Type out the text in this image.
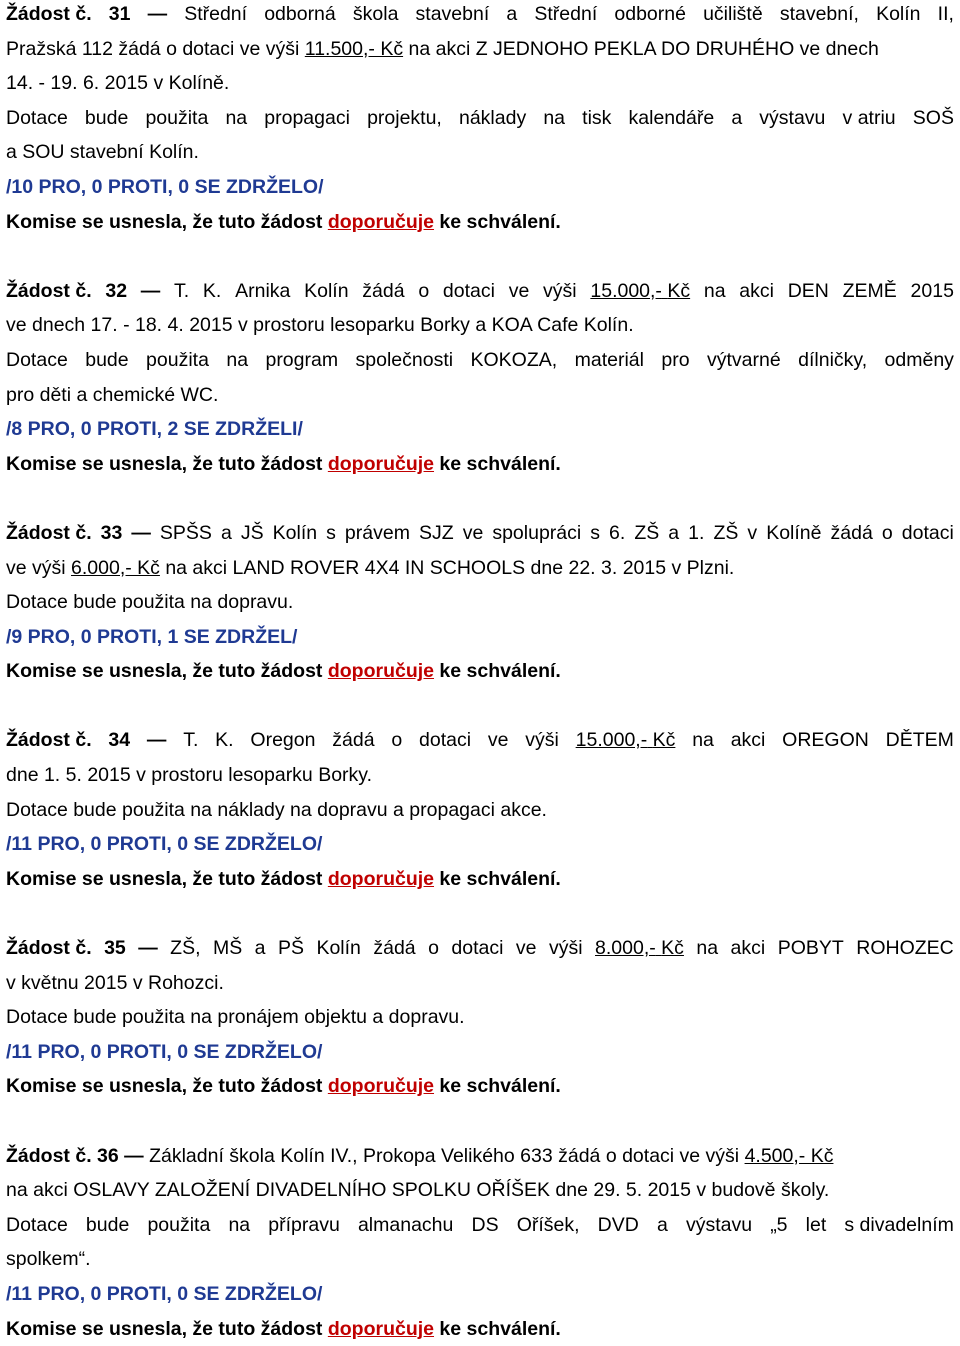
Žádost č. 31 — Střední odborná škola stavební a Střední odborné učiliště stavební, Kolín II,
Pražská 112 žádá o dotaci ve výši 11.500,- Kč na akci Z JEDNOHO PEKLA DO DRUHÉHO ve dnech
14. - 19. 6. 2015 v Kolíně.
Dotace bude použita na propagaci projektu, náklady na tisk kalendáře a výstavu v atriu SOŠ
a SOU stavební Kolín.
/10 PRO, 0 PROTI, 0 SE ZDRŽELO/
Komise se usnesla, že tuto žádost doporučuje ke schválení.
Žádost č. 32 — T. K. Arnika Kolín žádá o dotaci ve výši 15.000,- Kč na akci DEN ZEMĚ 2015
ve dnech 17. - 18. 4. 2015 v prostoru lesoparku Borky a KOA Cafe Kolín.
Dotace bude použita na program společnosti KOKOZA, materiál pro výtvarné dílničky, odměny
pro děti a chemické WC.
/8 PRO, 0 PROTI, 2 SE ZDRŽELI/
Komise se usnesla, že tuto žádost doporučuje ke schválení.
Žádost č. 33 — SPŠS a JŠ Kolín s právem SJZ ve spolupráci s 6. ZŠ a 1. ZŠ v Kolíně žádá o dotaci
ve výši 6.000,- Kč na akci LAND ROVER 4X4 IN SCHOOLS dne 22. 3. 2015 v Plzni.
Dotace bude použita na dopravu.
/9 PRO, 0 PROTI, 1 SE ZDRŽEL/
Komise se usnesla, že tuto žádost doporučuje ke schválení.
Žádost č. 34 — T. K. Oregon žádá o dotaci ve výši 15.000,- Kč na akci OREGON DĚTEM
dne 1. 5. 2015 v prostoru lesoparku Borky.
Dotace bude použita na náklady na dopravu a propagaci akce.
/11 PRO, 0 PROTI, 0 SE ZDRŽELO/
Komise se usnesla, že tuto žádost doporučuje ke schválení.
Žádost č. 35 — ZŠ, MŠ a PŠ Kolín žádá o dotaci ve výši 8.000,- Kč na akci POBYT ROHOZEC
v květnu 2015 v Rohozci.
Dotace bude použita na pronájem objektu a dopravu.
/11 PRO, 0 PROTI, 0 SE ZDRŽELO/
Komise se usnesla, že tuto žádost doporučuje ke schválení.
Žádost č. 36 — Základní škola Kolín IV., Prokopa Velikého 633 žádá o dotaci ve výši 4.500,- Kč
na akci OSLAVY ZALOŽENÍ DIVADELNÍHO SPOLKU OŘÍŠEK dne 29. 5. 2015 v budově školy.
Dotace bude použita na přípravu almanachu DS Oříšek, DVD a výstavu „5 let s divadelním
spolkem“.
/11 PRO, 0 PROTI, 0 SE ZDRŽELO/
Komise se usnesla, že tuto žádost doporučuje ke schválení.
